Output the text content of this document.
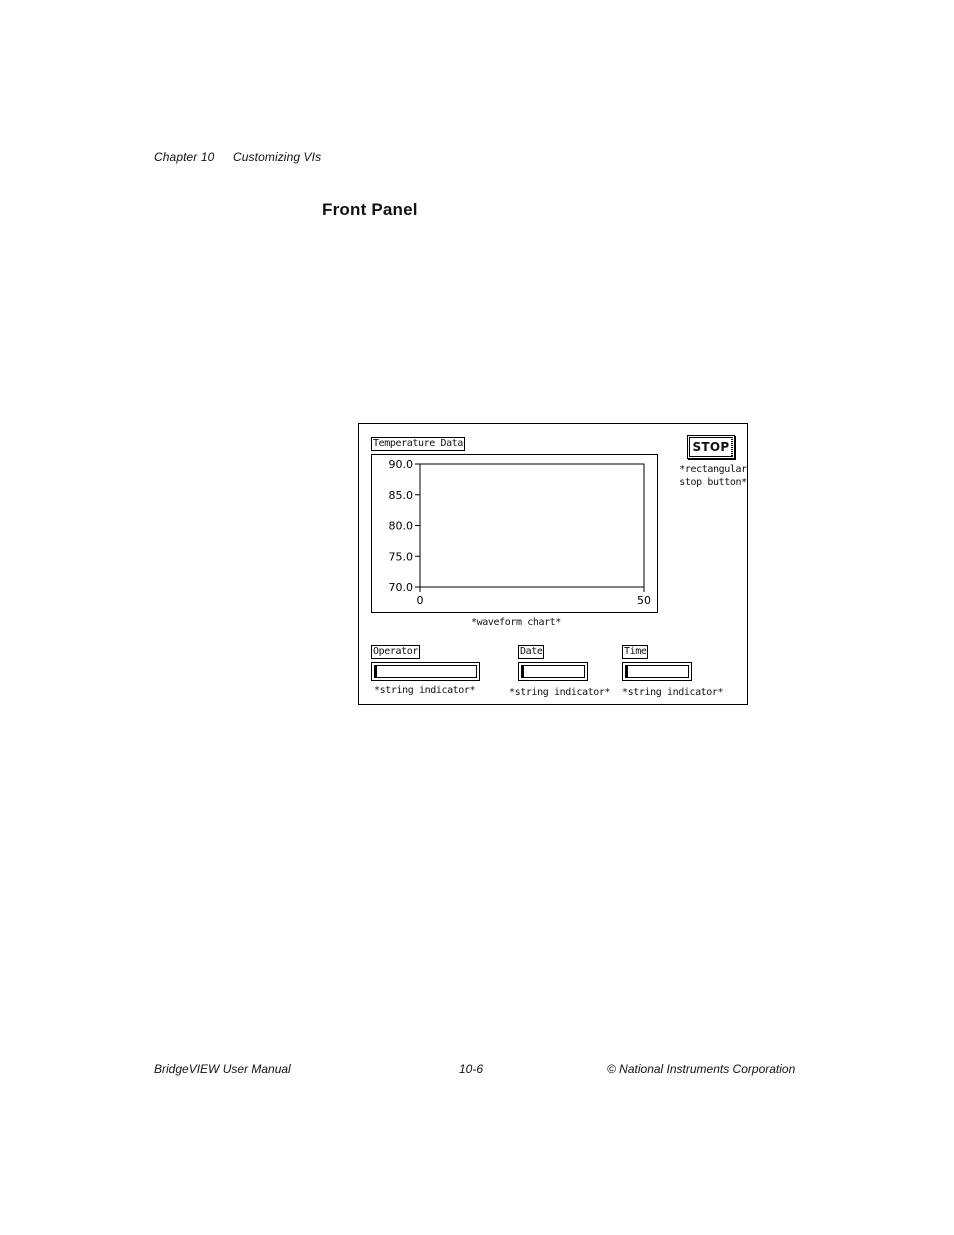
Chapter 10 Customizing VIs
Front Panel
Temperature Data
90.0
85.0
80.0
75.0
70.0
0	50
*waveform chart*
STOP
*rectangular
stop button*
Operator
*string indicator*
Date
*string indicator*
Time
*string indicator*
BridgeVIEW User Manual	10-6	© National Instruments Corporation
